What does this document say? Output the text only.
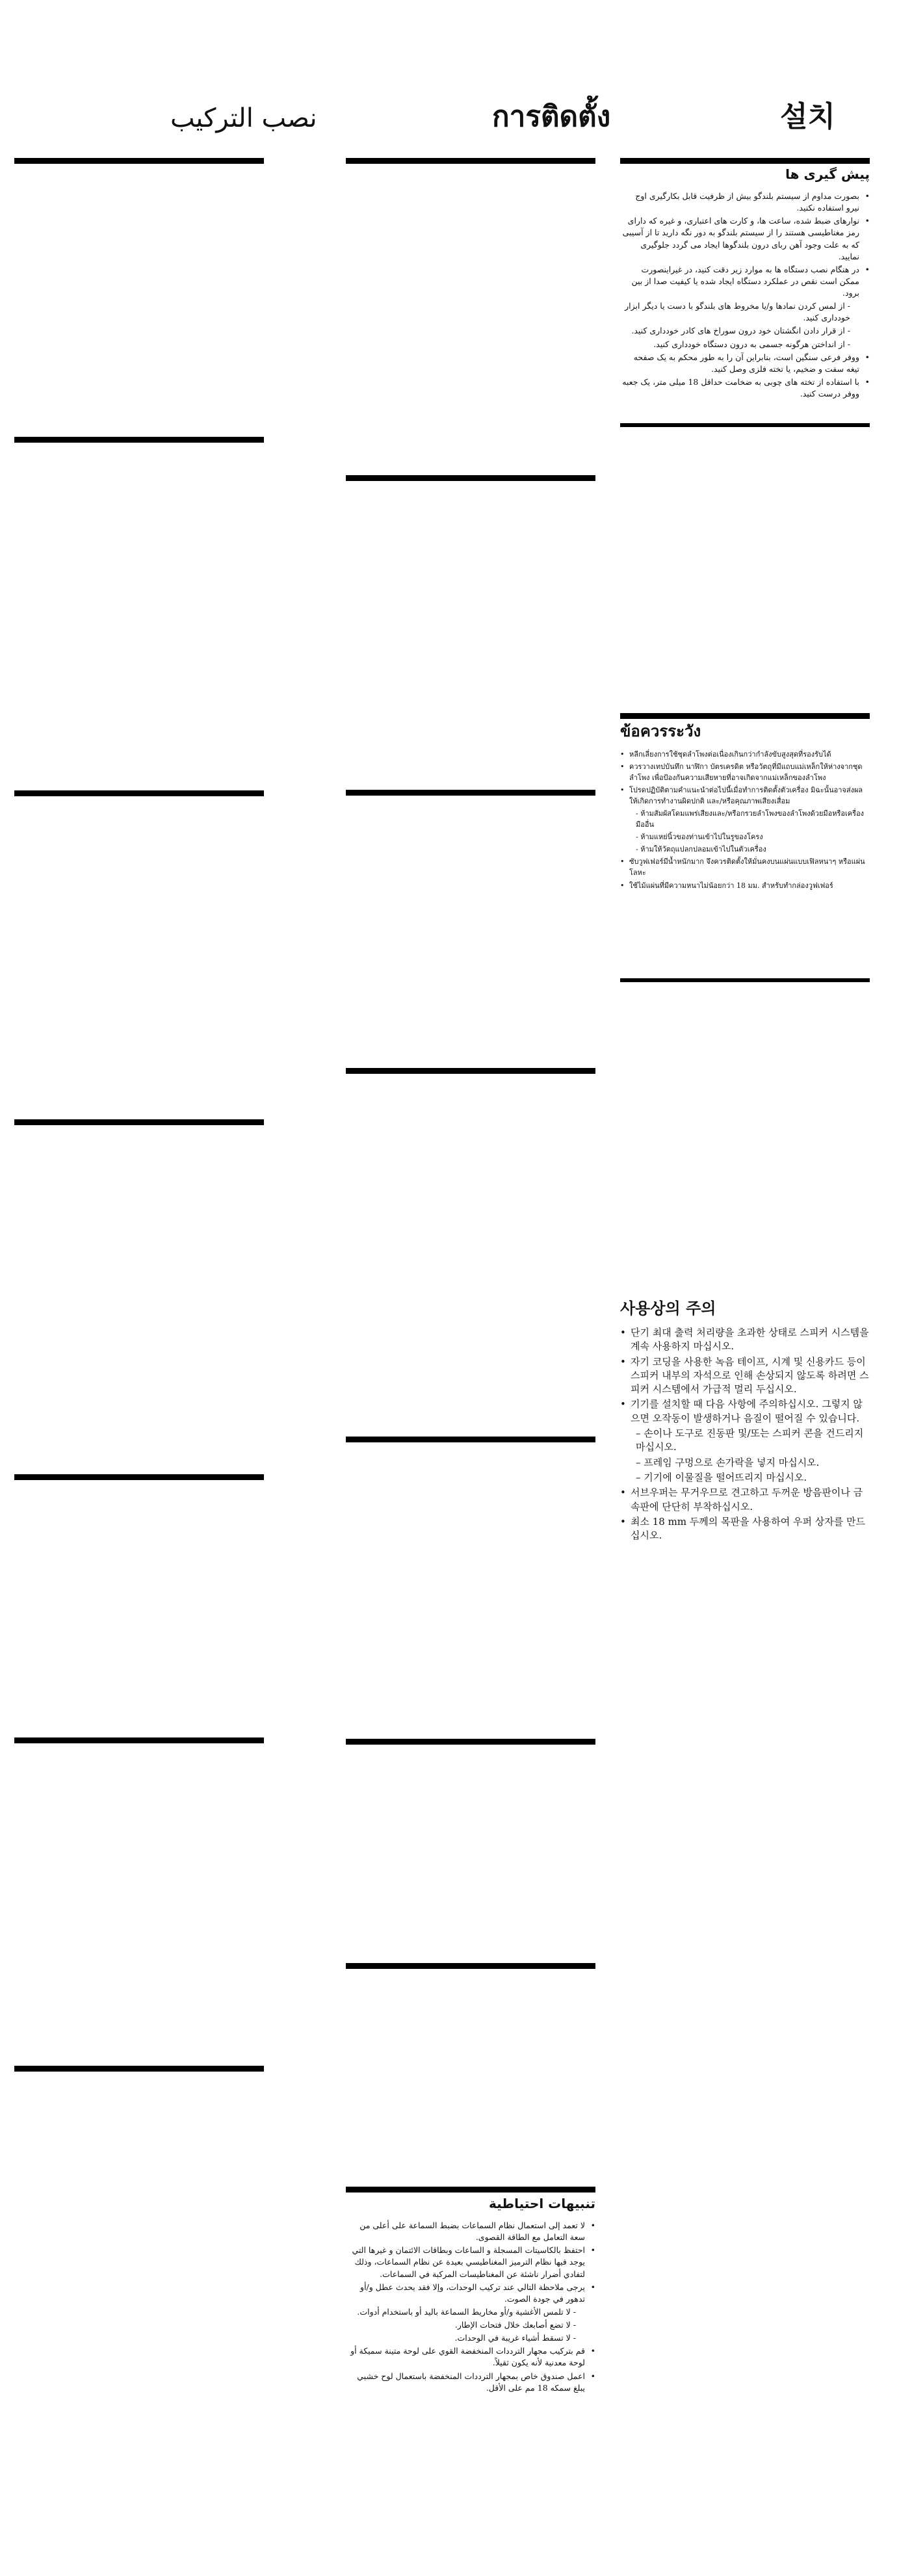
نصب التركيب	การติดตั้ง	설치
پیش گیری ها
• بصورت مداوم از سیستم بلندگو بیش از ظرفیت قابل بکارگیری اوج نیرو استفاده نکنید.
• نوارهای ضبط شده، ساعت ها، و کارت های اعتباری، و غیره که دارای رمز مغناطیسی هستند را از سیستم بلندگو به دور نگه دارید تا از آسیبی که به علت وجود آهن ربای درون بلندگوها ایجاد می گردد جلوگیری نمایید.
• در هنگام نصب دستگاه ها به موارد زیر دقت کنید، در غیراینصورت ممکن است نقص در عملکرد دستگاه ایجاد شده یا کیفیت صدا از بین برود.
- از لمس کردن نمادها و/یا مخروط های بلندگو با دست یا دیگر ابزار خودداری کنید.
- از قرار دادن انگشتان خود درون سوراخ های کادر خودداری کنید.
- از انداختن هرگونه جسمی به درون دستگاه خودداری کنید.
• ووفر فرعی سنگین است، بنابراین آن را به طور محکم به یک صفحه تیغه سفت و ضخیم، یا تخته فلزی وصل کنید.
• با استفاده از تخته های چوبی به ضخامت حداقل 18 میلی متر، یک جعبه ووفر درست کنید.
ข้อควรระวัง
• หลีกเลี่ยงการใช้ชุดลำโพงต่อเนื่องเกินกว่ากำลังขับสูงสุดที่รองรับได้
• ควรวางเทปบันทึก นาฬิกา บัตรเครดิต หรือวัตถุที่มีแถบแม่เหล็กให้ห่างจากชุดลำโพง เพื่อป้องกันความเสียหายที่อาจเกิดจากแม่เหล็กของลำโพง
• โปรดปฏิบัติตามคำแนะนำต่อไปนี้เมื่อทำการติดตั้งตัวเครื่อง มิฉะนั้นอาจส่งผลให้เกิดการทำงานผิดปกติ และ/หรือคุณภาพเสียงเสื่อม
- ห้ามสัมผัสโดมแพร่เสียงและ/หรือกรวยลำโพงของลำโพงด้วยมือหรือเครื่องมืออื่น
- ห้ามแหย่นิ้วของท่านเข้าไปในรูของโครง
- ห้ามให้วัตถุแปลกปลอมเข้าไปในตัวเครื่อง
• ซับวูฟเฟอร์มีน้ำหนักมาก จึงควรติดตั้งให้มั่นคงบนแผ่นแบบเฟิลหนาๆ หรือแผ่นโลหะ
• ใช้ไม้แผ่นที่มีความหนาไม่น้อยกว่า 18 มม. สำหรับทำกล่องวูฟเฟอร์
사용상의 주의
• 단기 최대 출력 처리량을 초과한 상태로 스피커 시스템을 계속 사용하지 마십시오.
• 자기 코딩을 사용한 녹음 테이프, 시계 및 신용카드 등이 스피커 내부의 자석으로 인해 손상되지 않도록 하려면 스피커 시스템에서 가급적 멀리 두십시오.
• 기기를 설치할 때 다음 사항에 주의하십시오. 그렇지 않으면 오작동이 발생하거나 음질이 떨어질 수 있습니다.
– 손이나 도구로 진동판 및/또는 스피커 콘을 건드리지 마십시오.
– 프레임 구멍으로 손가락을 넣지 마십시오.
– 기기에 이물질을 떨어뜨리지 마십시오.
• 서브우퍼는 무거우므로 견고하고 두꺼운 방음판이나 금속판에 단단히 부착하십시오.
• 최소 18 mm 두께의 목판을 사용하여 우퍼 상자를 만드십시오.
تنبيهات احتياطية
• لا تعمد إلى استعمال نظام السماعات بضبط السماعة على أعلى من سعة التعامل مع الطاقة القصوى.
• احتفظ بالكاسيتات المسجلة و الساعات وبطاقات الائتمان و غيرها التي يوجد فيها نظام الترميز المغناطيسي بعيدة عن نظام السماعات، وذلك لتفادي أضرار ناشئة عن المغناطيسات المركبة في السماعات.
• يرجى ملاحظة التالي عند تركيب الوحدات، وإلا فقد يحدث عطل و/أو تدهور في جودة الصوت.
- لا تلمس الأغشية و/أو مخاريط السماعة باليد أو باستخدام أدوات.
- لا تضع أصابعك خلال فتحات الإطار.
- لا تسقط أشياء غريبة في الوحدات.
• قم بتركيب مجهار الترددات المنخفضة القوي على لوحة متينة سميكة أو لوحة معدنية لأنه يكون ثقيلاً.
• اعمل صندوق خاص بمجهار الترددات المنخفضة باستعمال لوح خشبي يبلغ سمكه 18 مم على الأقل.
